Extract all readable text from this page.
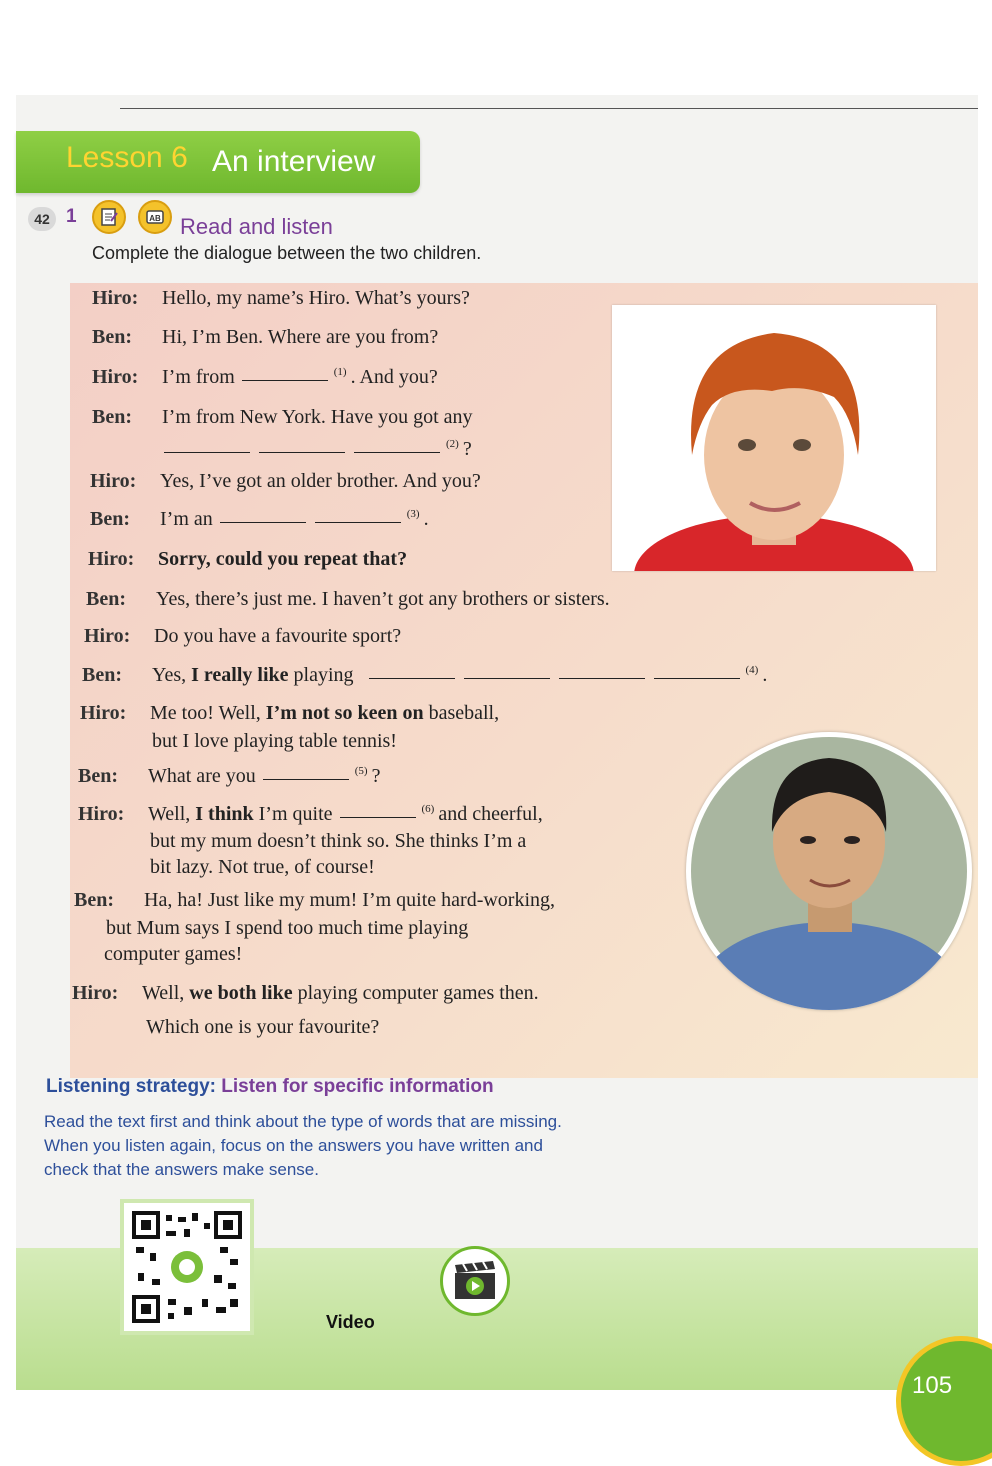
Lesson 6 An interview
42 1	AB Read and listen
Complete the dialogue between the two children.
Hiro: Hello, my name’s Hiro. What’s yours?
Ben: Hi, I’m Ben. Where are you from?
Hiro: I’m from	$^{(1)}$ . And you?
Ben: I’m from New York. Have you got any
$^{(2)}$ ?
Hiro: Yes, I’ve got an older brother. And you?
Ben: I’m an	$^{(3)}$ .
Hiro: Sorry, could you repeat that?
Ben: Yes, there’s just me. I haven’t got any brothers or sisters.
Hiro: Do you have a favourite sport?
Ben: Yes, I really like playing	$^{(4)}$ .
Hiro: Me too! Well, I’m not so keen on baseball,
but I love playing table tennis!
Ben: What are you	$^{(5)}$ ?
Hiro: Well, I think I’m quite	$^{(6)}$ and cheerful,
but my mum doesn’t think so. She thinks I’m a
bit lazy. Not true, of course!
Ben: Ha, ha! Just like my mum! I’m quite hard-working,
but Mum says I spend too much time playing
computer games!
Hiro: Well, we both like playing computer games then.
Which one is your favourite?
Listening strategy: Listen for specific information
Read the text first and think about the type of words that are missing. When you listen again, focus on the answers you have written and check that the answers make sense.
Video
105
